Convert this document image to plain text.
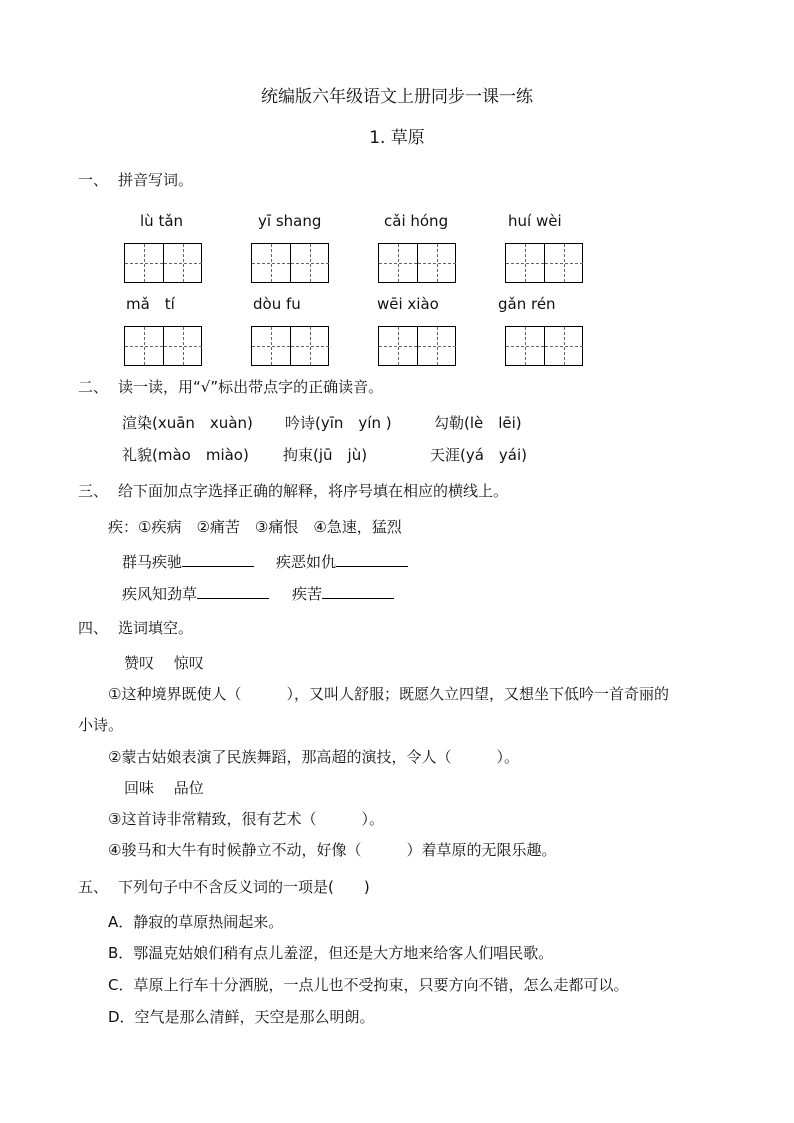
统编版六年级语文上册同步一课一练
1. 草原
一、 拼音写词。
lù tǎn	yī shang	cǎi hóng	huí wèi
mǎ　tí	dòu fu	wēi xiào	gǎn rén
二、 读一读，用“√”标出带点字的正确读音。
渲染(xuān　xuàn) 吟诗(yīn　yín )	勾勒(lè　lēi)
礼貌(mào　miào) 拘束(jū　jù)	天涯(yá　yái)
三、 给下面加点字选择正确的解释，将序号填在相应的横线上。
疾：①疾病　②痛苦　③痛恨　④急速，猛烈
群马疾驰	疾恶如仇
疾风知劲草	疾苦
四、 选词填空。
赞叹　 惊叹
①这种境界既使人（　　　），又叫人舒服；既愿久立四望，又想坐下低吟一首奇丽的
小诗。
②蒙古姑娘表演了民族舞蹈，那高超的演技，令人（　　　）。
回味　 品位
③这首诗非常精致，很有艺术（　　　）。
④骏马和大牛有时候静立不动，好像（　　　）着草原的无限乐趣。
五、 下列句子中不含反义词的一项是(　　)
A．静寂的草原热闹起来。
B．鄂温克姑娘们稍有点儿羞涩，但还是大方地来给客人们唱民歌。
C．草原上行车十分洒脱，一点儿也不受拘束，只要方向不错，怎么走都可以。
D．空气是那么清鲜，天空是那么明朗。
